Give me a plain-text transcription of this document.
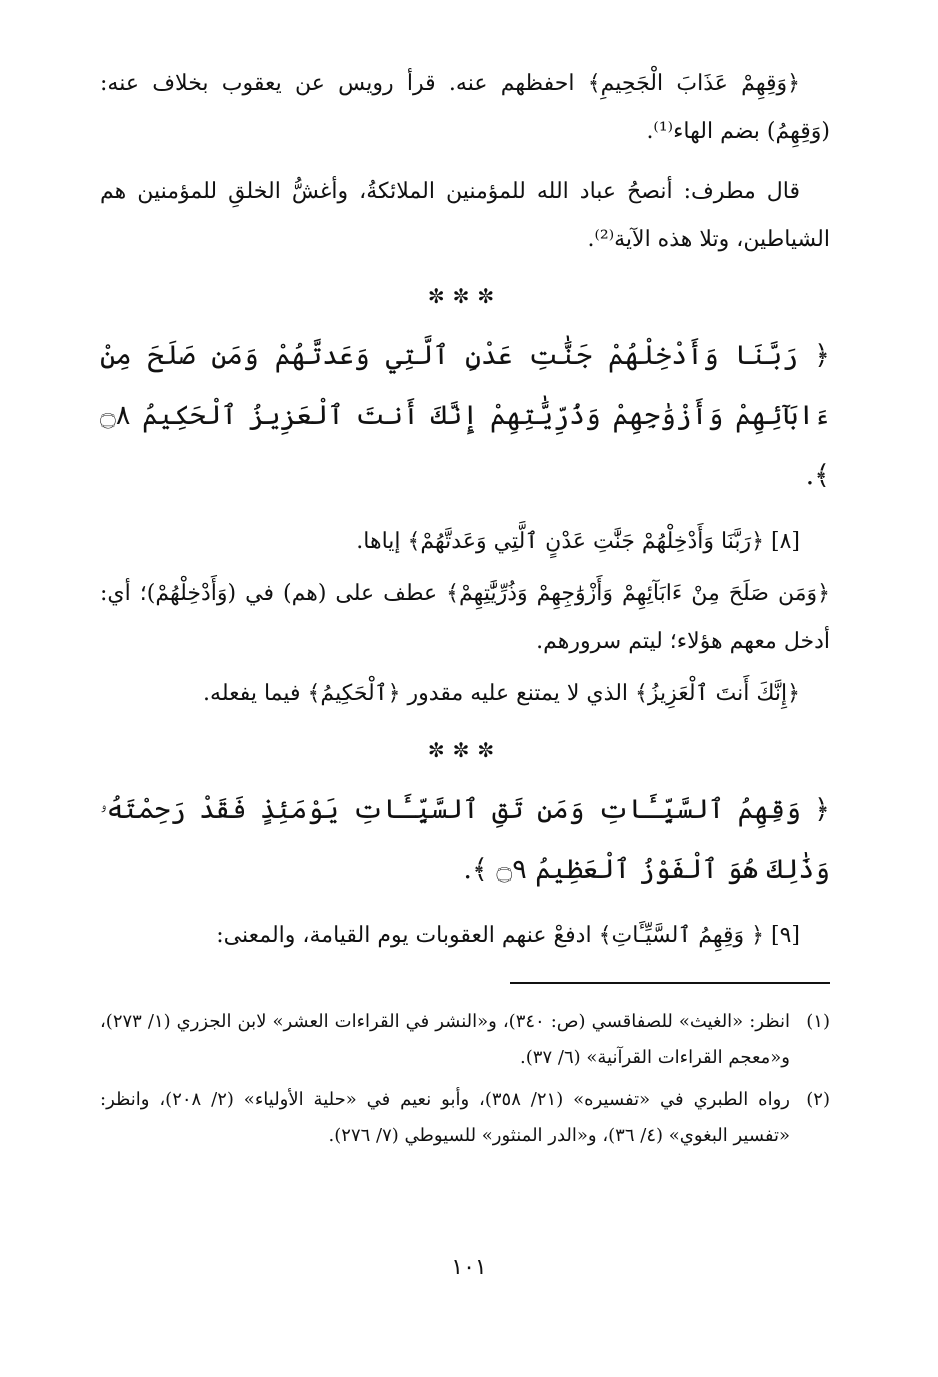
﴿وَقِهِمْ عَذَابَ الْجَحِيمِ﴾ احفظهم عنه. قرأ رويس عن يعقوب بخلاف عنه: (وَقِهِمُ) بضم الهاء⁽¹⁾.

قال مطرف: أنصحُ عباد الله للمؤمنين الملائكةُ، وأغشُّ الخلقِ للمؤمنين هم الشياطين، وتلا هذه الآية⁽²⁾.

✼✼✼

﴿ رَبَّنَا وَأَدْخِلْهُمْ جَنَّٰتِ عَدْنٍ ٱلَّتِي وَعَدتَّهُمْ وَمَن صَلَحَ مِنْ ءَابَآئِهِمْ وَأَزْوَٰجِهِمْ وَذُرِّيَّٰتِهِمْ إِنَّكَ أَنتَ ٱلْعَزِيزُ ٱلْحَكِيمُ ۝٨ ﴾.

[٨] ﴿رَبَّنَا وَأَدْخِلْهُمْ جَنَّٰتِ عَدْنٍ ٱلَّتِي وَعَدتَّهُمْ﴾ إياها.

﴿وَمَن صَلَحَ مِنْ ءَابَآئِهِمْ وَأَزْوَٰجِهِمْ وَذُرِّيَّٰتِهِمْ﴾ عطف على (هم) في (وَأَدْخِلْهُمْ)؛ أي: أدخل معهم هؤلاء؛ ليتم سرورهم.

﴿إِنَّكَ أَنتَ ٱلْعَزِيزُ﴾ الذي لا يمتنع عليه مقدور ﴿ٱلْحَكِيمُ﴾ فيما يفعله.

✼✼✼

﴿ وَقِهِمُ ٱلسَّيِّـَٔاتِ وَمَن تَقِ ٱلسَّيِّـَٔاتِ يَوْمَئِذٍ فَقَدْ رَحِمْتَهُۥ وَذَٰلِكَ هُوَ ٱلْفَوْزُ ٱلْعَظِيمُ ۝٩ ﴾.

[٩] ﴿ وَقِهِمُ ٱلسَّيِّـَٔاتِ﴾ ادفعْ عنهم العقوبات يوم القيامة، والمعنى:

(١)
انظر: «الغيث» للصفاقسي (ص: ٣٤٠)، و«النشر في القراءات العشر» لابن الجزري (١/ ٢٧٣)، و«معجم القراءات القرآنية» (٦/ ٣٧).
(٢)
رواه الطبري في «تفسيره» (٢١/ ٣٥٨)، وأبو نعيم في «حلية الأولياء» (٢/ ٢٠٨)، وانظر: «تفسير البغوي» (٤/ ٣٦)، و«الدر المنثور» للسيوطي (٧/ ٢٧٦).
١٠١
